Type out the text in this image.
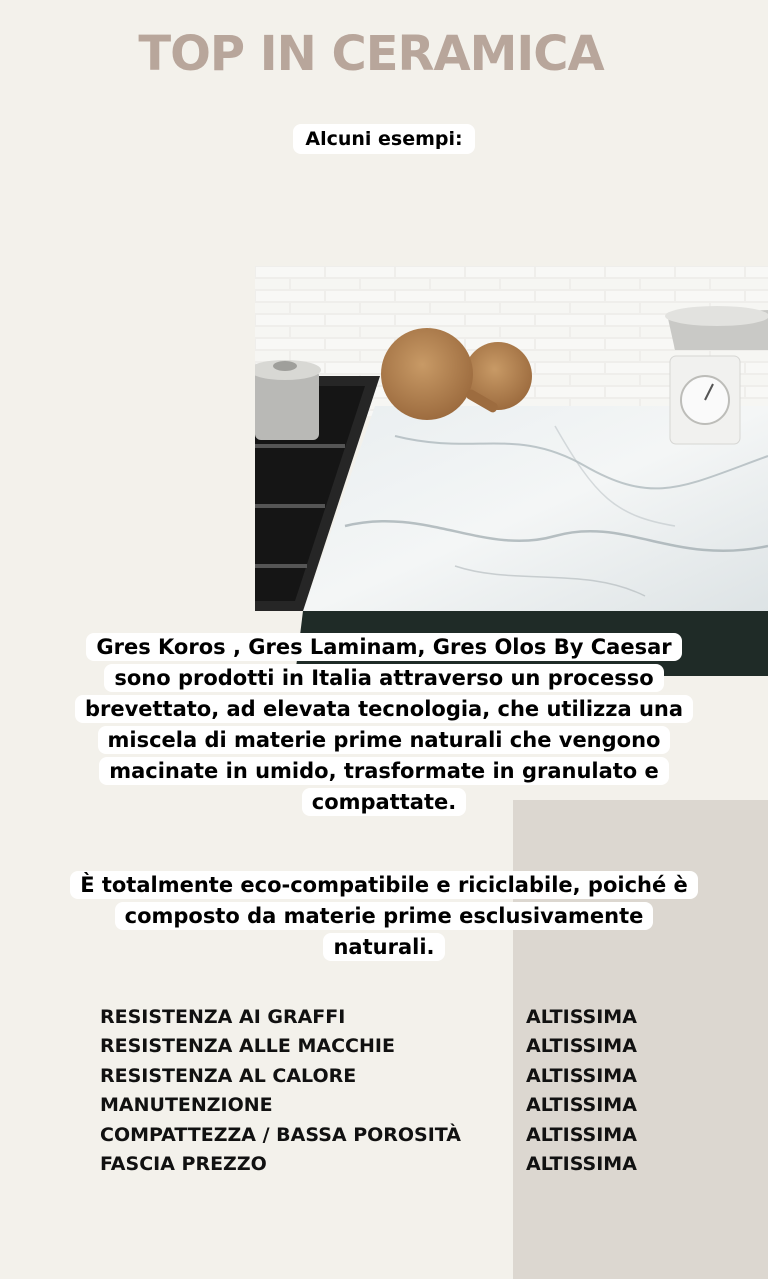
TOP IN CERAMICA
Alcuni esempi:
Gres Koros , Gres Laminam, Gres Olos By Caesar
sono prodotti in Italia attraverso un processo
brevettato, ad elevata tecnologia, che utilizza una
miscela di materie prime naturali che vengono
macinate in umido, trasformate in granulato e
compattate.
È totalmente eco-compatibile e riciclabile, poiché è
composto da materie prime esclusivamente
naturali.
RESISTENZA AI GRAFFI	ALTISSIMA
RESISTENZA ALLE MACCHIE	ALTISSIMA
RESISTENZA AL CALORE	ALTISSIMA
MANUTENZIONE	ALTISSIMA
COMPATTEZZA / BASSA POROSITÀ	ALTISSIMA
FASCIA PREZZO	ALTISSIMA
